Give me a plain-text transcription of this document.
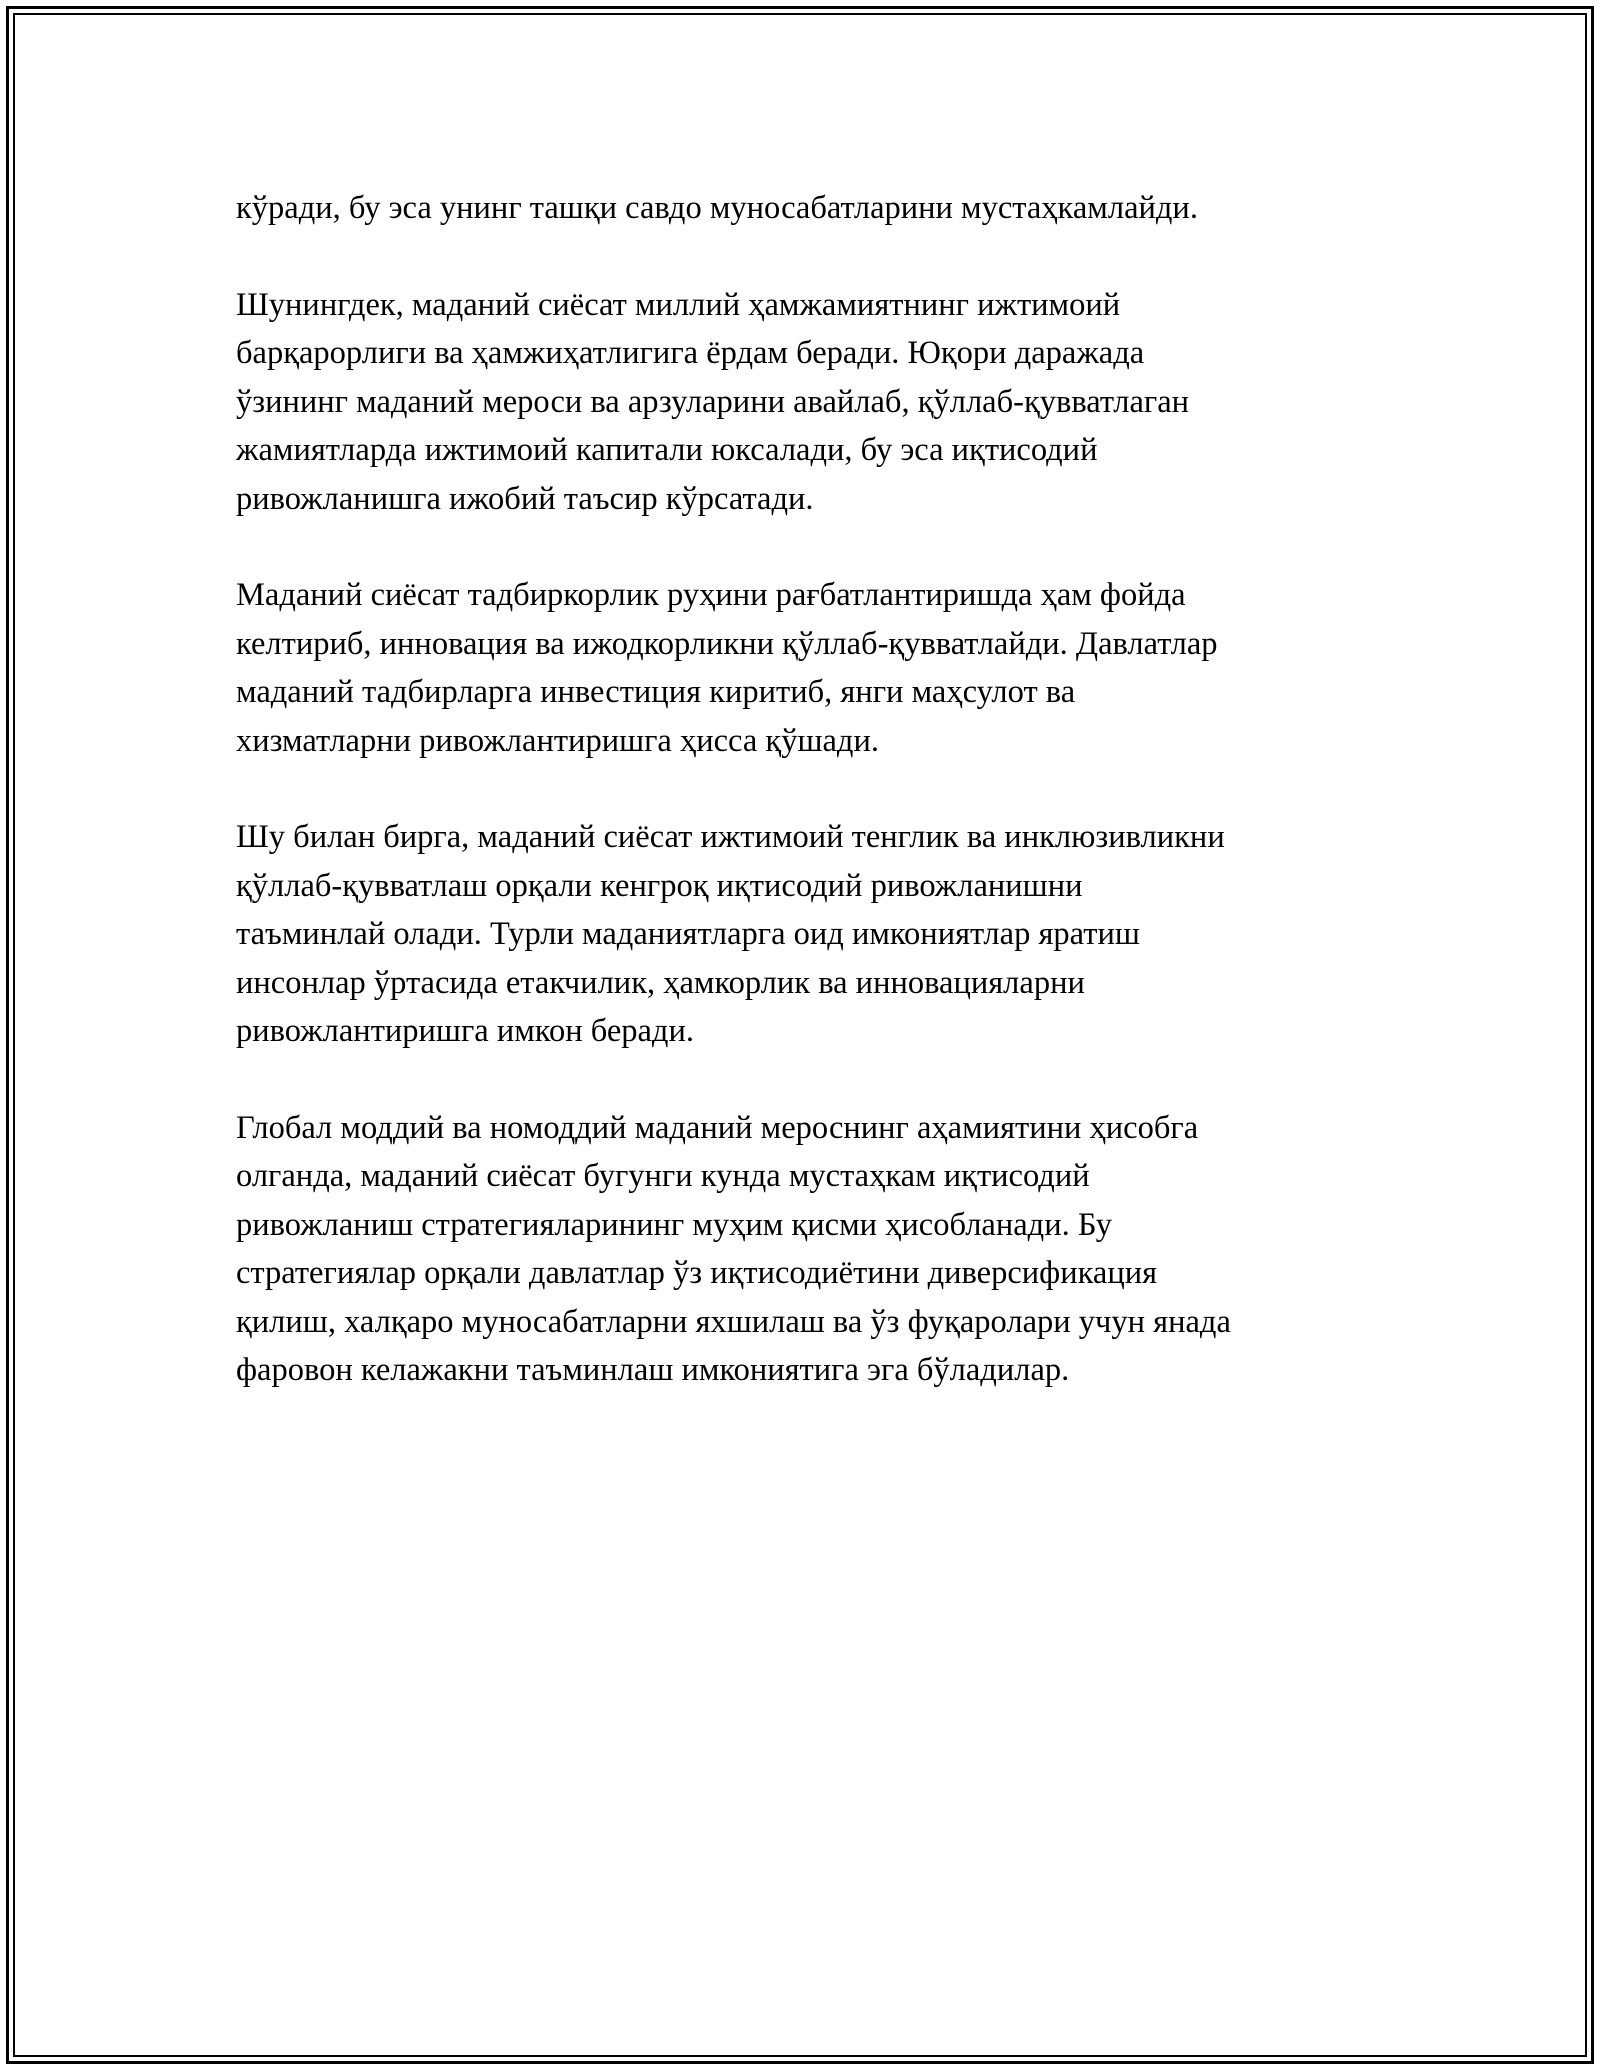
кўради, бу эса унинг ташқи савдо муносабатларини мустаҳкамлайди.
Шунингдек, маданий сиёсат миллий ҳамжамиятнинг ижтимоий
барқарорлиги ва ҳамжиҳатлигига ёрдам беради. Юқори даражада
ўзининг маданий мероси ва арзуларини авайлаб, қўллаб-қувватлаган
жамиятларда ижтимоий капитали юксалади, бу эса иқтисодий
ривожланишга ижобий таъсир кўрсатади.
Маданий сиёсат тадбиркорлик руҳини рағбатлантиришда ҳам фойда
келтириб, инновация ва ижодкорликни қўллаб-қувватлайди. Давлатлар
маданий тадбирларга инвестиция киритиб, янги маҳсулот ва
хизматларни ривожлантиришга ҳисса қўшади.
Шу билан бирга, маданий сиёсат ижтимоий тенглик ва инклюзивликни
қўллаб-қувватлаш орқали кенгроқ иқтисодий ривожланишни
таъминлай олади. Турли маданиятларга оид имкониятлар яратиш
инсонлар ўртасида етакчилик, ҳамкорлик ва инновацияларни
ривожлантиришга имкон беради.
Глобал моддий ва номоддий маданий мероснинг аҳамиятини ҳисобга
олганда, маданий сиёсат бугунги кунда мустаҳкам иқтисодий
ривожланиш стратегияларининг муҳим қисми ҳисобланади. Бу
стратегиялар орқали давлатлар ўз иқтисодиётини диверсификация
қилиш, халқаро муносабатларни яхшилаш ва ўз фуқаролари учун янада
фаровон келажакни таъминлаш имкониятига эга бўладилар.
